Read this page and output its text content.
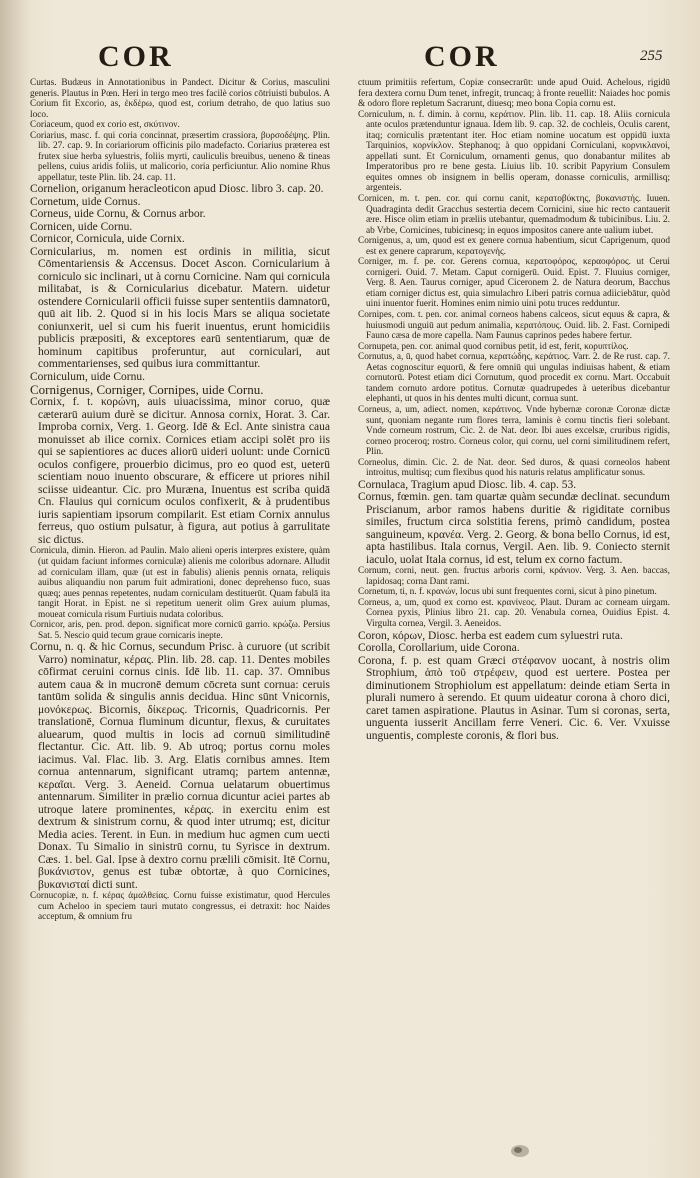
COR	COR	255

Curtas. Budæus in Annotationibus in Pandect. Dicitur & Corius, masculini generis. Plautus in Pœn. Heri in tergo meo tres facilè corios cōtriuisti bubulos. A Corium fit Excorio, as, ἐκδέρω, quod est, corium detraho, de quo latius suo loco.

Coriaceum, quod ex corio est, σκύτινον.

Coriarius, masc. f. qui coria concinnat, præsertim crassiora, βυρσοδέψης. Plin. lib. 27. cap. 9. In coriariorum officinis pilo madefacto. Coriarius præterea est frutex siue herba syluestris, foliis myrti, cauliculis breuibus, ueneno & tineas pellens, cuius aridis foliis, ut malicorio, coria perficiuntur. Alio nomine Rhus appellatur, teste Plin. lib. 24. cap. 11.

Cornelion, origanum heracleoticon apud Diosc. libro 3. cap. 20.

Cornetum, uide Cornus.

Corneus, uide Cornu, & Cornus arbor.

Cornicen, uide Cornu.

Cornicor, Cornicula, uide Cornix.

Cornicularius, m. nomen est ordinis in militia, sicut Cōmentariensis & Accensus. Docet Ascon. Cornicularium à corniculo sic inclinari, ut à cornu Cornicine. Nam qui cornicula militabat, is & Cornicularius dicebatur. Matern. uidetur ostendere Cornicularii officii fuisse super sententiis damnatorū, quū ait lib. 2. Quod si in his locis Mars se aliqua societate coniunxerit, uel si cum his fuerit inuentus, erunt homicidiis publicis præpositi, & exceptores earū sententiarum, quæ de hominum capitibus proferuntur, aut corniculari, aut commentarienses, sed quibus iura committantur.

Corniculum, uide Cornu.

Cornigenus, Corniger, Cornipes, uide Cornu.

Cornix, f. t. κορώνη, auis uiuacissima, minor coruo, quæ cæterarū auium durè se diciτur. Annosa cornix, Horat. 3. Car. Improba cornix, Verg. 1. Georg. Idē & Ecl. Ante sinistra caua monuisset ab ilice cornix. Cornices etiam accipi solēt pro iis qui se sapientiores ac duces aliorū uideri uolunt: unde Cornicū oculos configere, prouerbio dicimus, pro eo quod est, ueterū scientiam nouo inuento obscurare, & efficere ut priores nihil sciisse uideantur. Cic. pro Muræna, Inuentus est scriba quidā Cn. Flauius qui cornicum oculos confixerit, & à prudentibus iuris sapientiam ipsorum compilarit. Est etiam Cornix annulus ferreus, quo ostium pulsatur, à figura, aut potius à garrulitate sic dictus.

Cornicula, dimin. Hieron. ad Paulin. Malo alieni operis interpres existere, quàm (ut quidam faciunt informes corniculæ) alienis me coloribus adornare. Alludit ad corniculam illam, quæ (ut est in fabulis) alienis pennis ornata, reliquis auibus aliquandiu non parum fuit admirationi, donec deprehenso fuco, suas quæq; aues pennas repetentes, nudam corniculam destituerūt. Quam fabulā ita tangit Horat. in Epist. ne si repetitum uenerit olim Grex auium plumas, moueat cornicula risum Furtiuis nudata coloribus.

Cornicor, aris, pen. prod. depon. significat more cornicū garrio. κρώζω. Persius Sat. 5. Nescio quid tecum graue cornicaris inepte.

Cornu, n. q. & hic Cornus, secundum Prisc. à curuore (ut scribit Varro) nominatur, κέρας. Plin. lib. 28. cap. 11. Dentes mobiles cōfirmat ceruini cornus cinis. Idē lib. 11. cap. 37. Omnibus autem caua & in mucronē demum cōcreta sunt cornua: ceruis tantūm solida & singulis annis decidua. Hinc sūnt Vnicornis, μονόκερως. Bicornis, δίκερως. Tricornis, Quadricornis. Per translationē, Cornua fluminum dicuntur, flexus, & curuitates aluearum, quod multis in locis ad cornuū similitudinē flectantur. Cic. Att. lib. 9. Ab utroq; portus cornu moles iacimus. Val. Flac. lib. 3. Arg. Elatis cornibus amnes. Item cornua antennarum, significant utramq; partem antennæ, κεραῖαι. Verg. 3. Aeneid. Cornua uelatarum obuertimus antennarum. Similiter in prælio cornua dicuntur aciei partes ab utroque latere prominentes, κέρας. in exercitu enim est dextrum & sinistrum cornu, & quod inter utrumq; est, dicitur Media acies. Terent. in Eun. in medium huc agmen cum uecti Donax. Tu Simalio in sinistrū cornu, tu Syrisce in dextrum. Cæs. 1. bel. Gal. Ipse à dextro cornu prælili cōmisit. Itē Cornu, βυκάνιστον, genus est tubæ obtortæ, à quo Cornicines, βυκανισταί dicti sunt.

Cornucopiæ, n. f. κέρας ἀμαλθείας. Cornu fuisse existimatur, quod Hercules cum Acheloo in speciem tauri mutato congressus, ei detraxit: hoc Naides acceptum, & omnium fru

ctuum primitiis refertum, Copiæ consecrarūt: unde apud Ouid. Achelous, rigidū fera dextera cornu Dum tenet, infregit, truncaq; à fronte reuellit: Naiades hoc pomis & odoro flore repletum Sacrarunt, diuesq; meo bona Copia cornu est.

Corniculum, n. f. dimin. à cornu, κεράτιον. Plin. lib. 11. cap. 18. Aliis cornicula ante oculos prætenduntur ignaua. Idem lib. 9. cap. 32. de cochleis, Oculis carent, itaq; corniculis prætentant iter. Hoc etiam nomine uocatum est oppidū iuxta Tarquinios, κορνίκλον. Stephanoq; à quo oppidani Corniculani, κορνικλανοί, appellati sunt. Et Corniculum, ornamenti genus, quo donabantur milites ab Imperatoribus pro re bene gesta. Liuius lib. 10. scribit Papyrium Consulem equites omnes ob insignem in bellis operam, donasse corniculis, armillisq; argenteis.

Cornicen, m. t. pen. cor. qui cornu canit, κερατοβύκτης, βυκανιστής. Iuuen. Quadraginta dedit Gracchus sestertia decem Cornicini, siue hic recto cantauerit ære. Hisce olim etiam in præliis utebantur, quemadmodum & tubicinibus. Liu. 2. ab Vrbe, Cornicines, tubicinesq; in equos impositos canere ante ualium iubet.

Cornigenus, a, um, quod est ex genere cornua habentium, sicut Caprigenum, quod est ex genere caprarum, κερατογενής.

Corniger, m. f. pe. cor. Gerens cornua, κερατοφόρος, κεραοφόρος. ut Cerui cornigeri. Ouid. 7. Metam. Caput cornigerū. Ouid. Epist. 7. Fluuius corniger, Verg. 8. Aen. Taurus corniger, apud Ciceronem 2. de Natura deorum, Bacchus etiam corniger dictus est, quia simulachro Liberi patris cornua adiiciebātur, quòd uini inuentor fuerit. Homines enim nimio uini potu truces redduntur.

Cornipes, com. t. pen. cor. animal corneos habens calceos, sicut equus & capra, & huiusmodi unguiū aut pedum animalia, κερατόπους. Ouid. lib. 2. Fast. Cornipedi Fauno cæsa de more capella. Nam Faunus caprinos pedes habere fertur.

Cornupeta, pen. cor. animal quod cornibus petit, id est, ferit, κορυπτίλος.

Cornutus, a, ū, quod habet cornua, κερατώδης, κεράτιος. Varr. 2. de Re rust. cap. 7. Aetas cognoscitur equorū, & fere omniū qui ungulas indiuisas habent, & etiam cornutorū. Potest etiam dici Cornutum, quod procedit ex cornu. Mart. Occabuit tandem cornuto ardore potitus. Cornutæ quadrupedes à ueteribus dicebantur elephanti, ut quos in his dentes multi dicunt, cornua sunt.

Corneus, a, um, adiect. nomen, κεράτινος. Vnde hybernæ coronæ Coronæ dictæ sunt, quoniam negante rum flores terra, laminis è cornu tinctis fieri solebant. Vnde corneum rostrum, Cic. 2. de Nat. deor. Ibi aues excelsæ, cruribus rigidis, corneo proceroq; rostro. Corneus color, qui cornu, uel corni similitudinem refert, Plin.

Corneolus, dimin. Cic. 2. de Nat. deor. Sed duros, & quasi corneolos habent introitus, multisq; cum flexibus quod his naturis relatus amplificatur sonus.

Cornulaca, Tragium apud Diosc. lib. 4. cap. 53.

Cornus, fœmin. gen. tam quartæ quàm secundæ declinat. secundum Priscianum, arbor ramos habens duritie & rigiditate cornibus similes, fructum circa solstitia ferens, primò candidum, postea sanguineum, κρανέα. Verg. 2. Georg. & bona bello Cornus, id est, apta hastilibus. Itala cornus, Vergil. Aen. lib. 9. Coniecto sternit iaculo, uolat Itala cornus, id est, telum ex corno factum.

Cornum, corni, neut. gen. fructus arboris corni, κράνιον. Verg. 3. Aen. baccas, lapidosaq; corna Dant rami.

Cornetum, ti, n. f. κρανών, locus ubi sunt frequentes corni, sicut à pino pinetum.

Corneus, a, um, quod ex corno est. κρανίνεος. Plaut. Duram ac corneam uirgam. Cornea pyxis, Plinius libro 21. cap. 20. Venabula cornea, Ouidius Epist. 4. Virgulta cornea, Vergil. 3. Aeneidos.

Coron, κόρων, Diosc. herba est eadem cum syluestri ruta.

Corolla, Corollarium, uide Corona.

Corona, f. p. est quam Græci στέφανον uocant, à nostris olim Strophium, ἀπὸ τοῦ στρέφειν, quod est uertere. Postea per diminutionem Strophiolum est appellatum: deinde etiam Serta in plurali numero à serendo. Et quum uideatur corona à choro dici, caret tamen aspiratione. Plautus in Asinar. Tum si coronas, serta, unguenta iusserit Ancillam ferre Veneri. Cic. 6. Ver. Vxuisse unguentis, compleste coronis, & flori bus.
